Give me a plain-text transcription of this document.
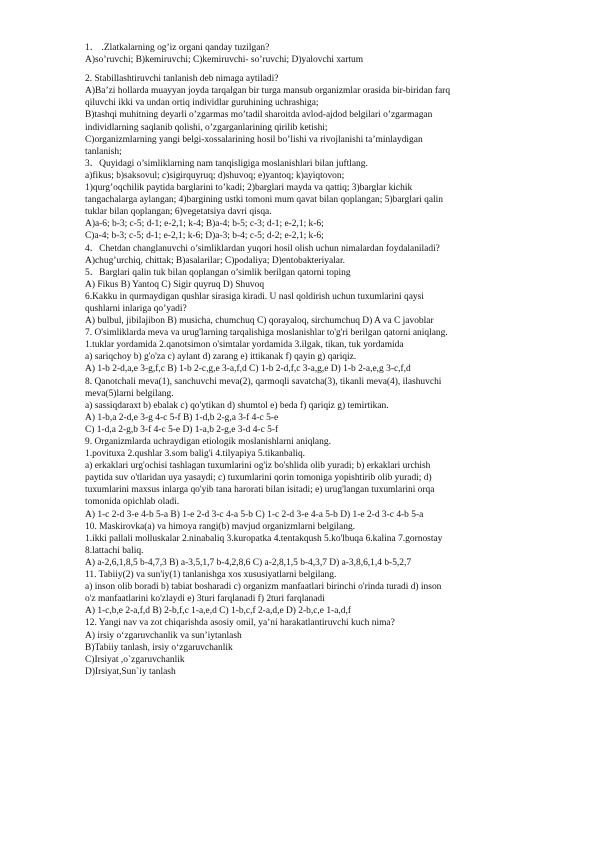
1． .Zlatkalarning og’iz organi qanday tuzilgan?
A)so’ruvchi; B)kemiruvchi; C)kemiruvchi- so’ruvchi; D)yalovchi xartum
2. Stabillashtiruvchi tanlanish deb nimaga aytiladi?
A)Ba’zi hollarda muayyan joyda tarqalgan bir turga mansub organizmlar orasida bir-biridan farq
qiluvchi ikki va undan ortiq individlar guruhining uchrashiga;
B)tashqi muhitning deyarli o’zgarmas mo’tadil sharoitda avlod-ajdod belgilari o’zgarmagan
individlarning saqlanib qolishi, o’zgarganlarining qirilib ketishi;
C)organizmlarning yangi belgi-xossalarining hosil bo’lishi va rivojlanishi ta’minlaydigan
tanlanish;
3．Quyidagi o’simliklarning nam tanqisligiga moslanishlari bilan juftlang.
a)fikus; b)saksovul; c)sigirquyruq; d)shuvoq; e)yantoq; k)ayiqtovon;
1)qurg’oqchilik paytida barglarini to’kadi; 2)barglari mayda va qattiq; 3)barglar kichik
tangachalarga aylangan; 4)bargining ustki tomoni mum qavat bilan qoplangan; 5)barglari qalin
tuklar bilan qoplangan; 6)vegetatsiya davri qisqa.
A)a-6; b-3; c-5; d-1; e-2,1; k-4; B)a-4; b-5; c-3; d-1; e-2,1; k-6;
C)a-4; b-3; c-5; d-1; e-2,1; k-6; D)a-3; b-4; c-5; d-2; e-2,1; k-6;
4．Chetdan changlanuvchi o’simliklardan yuqori hosil olish uchun nimalardan foydalaniladi?
A)chug’urchiq, chittak; B)asalarilar; C)podaliya; D)entobakteriyalar.
5．Barglari qalin tuk bilan qoplangan o’simlik berilgan qatorni toping
A) Fikus B) Yantoq C) Sigir quyruq D) Shuvoq
6.Kakku in qurmaydigan qushlar sirasiga kiradi. U nasl qoldirish uchun tuxumlarini qaysi
qushlarni inlariga qo’yadi?
A) bulbul, jibilajibon B) musicha, chumchuq C) qorayaloq, sirchumchuq D) A va C javoblar
7. O'simliklarda meva va urug'larning tarqalishiga moslanishlar to'g'ri berilgan qatorni aniqlang.
1.tuklar yordamida 2.qanotsimon o'simtalar yordamida 3.ilgak, tikan, tuk yordamida
a) sariqchoy b) g'o'za c) aylant d) zarang e) ittikanak f) qayin g) qariqiz.
A) 1-b 2-d,a,e 3-g,f,c B) 1-b 2-c,g,e 3-a,f,d C) 1-b 2-d,f,c 3-a,g,e D) 1-b 2-a,e,g 3-c,f,d
8. Qanotchali meva(1), sanchuvchi meva(2), qarmoqli savatcha(3), tikanli meva(4), ilashuvchi
meva(5)larni belgilang.
a) sassiqdaraxt b) ebalak c) qo'ytikan d) shumtol e) beda f) qariqiz g) temirtikan.
A) 1-b,a 2-d,e 3-g 4-c 5-f B) 1-d,b 2-g,a 3-f 4-c 5-e
C) 1-d,a 2-g,b 3-f 4-c 5-e D) 1-a,b 2-g,e 3-d 4-c 5-f
9. Organizmlarda uchraydigan etiologik moslanishlarni aniqlang.
1.povituxa 2.qushlar 3.som balig'i 4.tilyapiya 5.tikanbaliq.
a) erkaklari urg'ochisi tashlagan tuxumlarini og'iz bo'shlida olib yuradi; b) erkaklari urchish
paytida suv o'tlaridan uya yasaydi; c) tuxumlarini qorin tomoniga yopishtirib olib yuradi; d)
tuxumlarini maxsus inlarga qo'yib tana harorati bilan isitadi; e) urug'langan tuxumlarini orqa
tomonida opichlab oladi.
A) 1-c 2-d 3-e 4-b 5-a B) 1-e 2-d 3-c 4-a 5-b C) 1-c 2-d 3-e 4-a 5-b D) 1-e 2-d 3-c 4-b 5-a
10. Maskirovka(a) va himoya rangi(b) mavjud organizmlarni belgilang.
1.ikki pallali molluskalar 2.ninabaliq 3.kuropatka 4.tentakqush 5.ko'lbuqa 6.kalina 7.gornostay
8.lattachi baliq.
A) a-2,6,1,8,5 b-4,7,3 B) a-3,5,1,7 b-4,2,8,6 C) a-2,8,1,5 b-4,3,7 D) a-3,8,6,1,4 b-5,2,7
11. Tabiiy(2) va sun'iy(1) tanlanishga xos xususiyatlarni belgilang.
a) inson olib boradi b) tabiat bosharadi c) organizm manfaatlari birinchi o'rinda turadi d) inson
o'z manfaatlarini ko'zlaydi e) 3turi farqlanadi f) 2turi farqlanadi
A) 1-c,b,e 2-a,f,d B) 2-b,f,c 1-a,e,d C) 1-b,c,f 2-a,d,e D) 2-b,c,e 1-a,d,f
12. Yangi nav va zot chiqarishda asosiy omil, ya’ni harakatlantiruvchi kuch nima?
A) irsiy o‘zgaruvchanlik va sun’iytanlash
B)Tabiiy tanlash, irsiy o‘zgaruvchanlik
C)Irsiyat ,o`zgaruvchanlik
D)Irsiyat,Sun`iy tanlash
